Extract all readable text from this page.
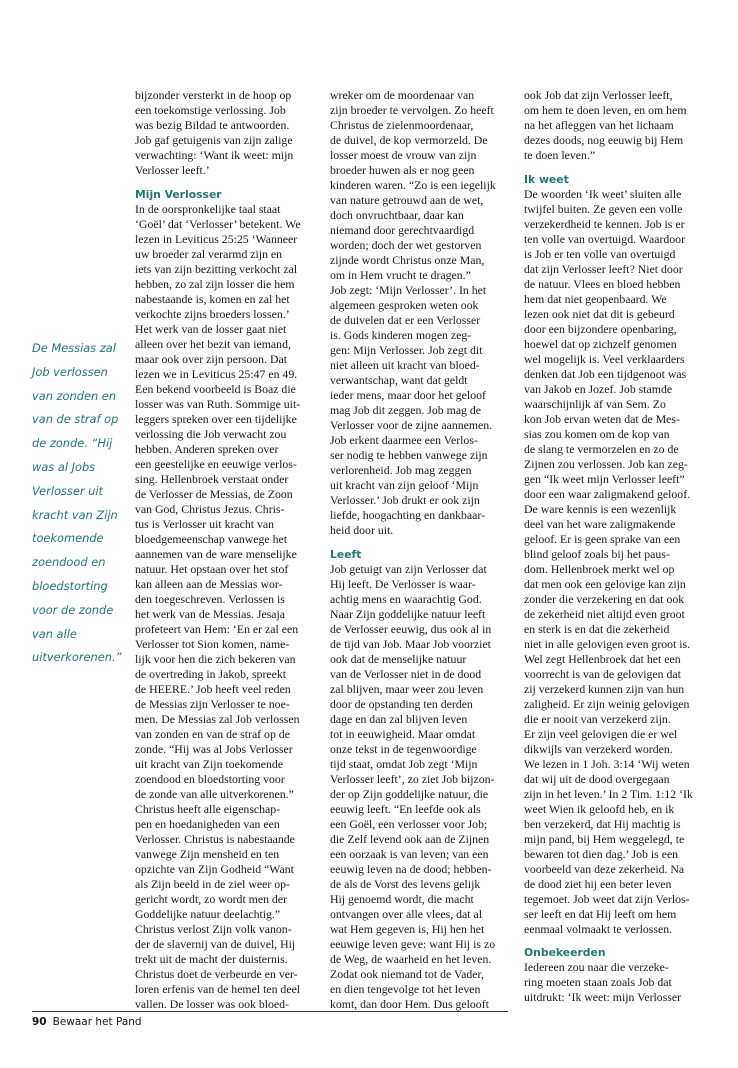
De Messias zal
Job verlossen
van zonden en
van de straf op
de zonde. “Hij
was al Jobs
Verlosser uit
kracht van Zijn
toekomende
zoendood en
bloedstorting
voor de zonde
van alle
uitverkorenen.”

bijzonder versterkt in de hoop op
een toekomstige verlossing. Job
was bezig Bildad te antwoorden.
Job gaf getuigenis van zijn zalige
verwachting: ‘Want ik weet: mijn
Verlosser leeft.’

Mijn Verlosser

In de oorspronkelijke taal staat
‘Goël’ dat ‘Verlosser’ betekent. We
lezen in Leviticus 25:25 ‘Wanneer
uw broeder zal verarmd zijn en
iets van zijn bezitting verkocht zal
hebben, zo zal zijn losser die hem
nabestaande is, komen en zal het
verkochte zijns broeders lossen.’
Het werk van de losser gaat niet
alleen over het bezit van iemand,
maar ook over zijn persoon. Dat
lezen we in Leviticus 25:47 en 49.
Een bekend voorbeeld is Boaz die
losser was van Ruth. Sommige uit-
leggers spreken over een tijdelijke
verlossing die Job verwacht zou
hebben. Anderen spreken over
een geestelijke en eeuwige verlos-
sing. Hellenbroek verstaat onder
de Verlosser de Messias, de Zoon
van God, Christus Jezus. Chris-
tus is Verlosser uit kracht van
bloedgemeenschap vanwege het
aannemen van de ware menselijke
natuur. Het opstaan over het stof
kan alleen aan de Messias wor-
den toegeschreven. Verlossen is
het werk van de Messias. Jesaja
profeteert van Hem: ‘En er zal een
Verlosser tot Sion komen, name-
lijk voor hen die zich bekeren van
de overtreding in Jakob, spreekt
de HEERE.’ Job heeft veel reden
de Messias zijn Verlosser te noe-
men. De Messias zal Job verlossen
van zonden en van de straf op de
zonde. “Hij was al Jobs Verlosser
uit kracht van Zijn toekomende
zoendood en bloedstorting voor
de zonde van alle uitverkorenen.”
Christus heeft alle eigenschap-
pen en hoedanigheden van een
Verlosser. Christus is nabestaande
vanwege Zijn mensheid en ten
opzichte van Zijn Godheid “Want
als Zijn beeld in de ziel weer op-
gericht wordt, zo wordt men der
Goddelijke natuur deelachtig.”
Christus verlost Zijn volk vanon-
der de slavernij van de duivel, Hij
trekt uit de macht der duisternis.
Christus doet de verbeurde en ver-
loren erfenis van de hemel ten deel
vallen. De losser was ook bloed-

wreker om de moordenaar van
zijn broeder te vervolgen. Zo heeft
Christus de zielenmoordenaar,
de duivel, de kop vermorzeld. De
losser moest de vrouw van zijn
broeder huwen als er nog geen
kinderen waren. “Zo is een iegelijk
van nature getrouwd aan de wet,
doch onvruchtbaar, daar kan
niemand door gerechtvaardigd
worden; doch der wet gestorven
zijnde wordt Christus onze Man,
om in Hem vrucht te dragen.”
Job zegt: ‘Mijn Verlosser’. In het
algemeen gesproken weten ook
de duivelen dat er een Verlosser
is. Gods kinderen mogen zeg-
gen: Mijn Verlosser. Job zegt dit
niet alleen uit kracht van bloed-
verwantschap, want dat geldt
ieder mens, maar door het geloof
mag Job dit zeggen. Job mag de
Verlosser voor de zijne aannemen.
Job erkent daarmee een Verlos-
ser nodig te hebben vanwege zijn
verlorenheid. Job mag zeggen
uit kracht van zijn geloof ‘Mijn
Verlosser.’ Job drukt er ook zijn
liefde, hoogachting en dankbaar-
heid door uit.

Leeft

Job getuigt van zijn Verlosser dat
Hij leeft. De Verlosser is waar-
achtig mens en waarachtig God.
Naar Zijn goddelijke natuur leeft
de Verlosser eeuwig, dus ook al in
de tijd van Job. Maar Job voorziet
ook dat de menselijke natuur
van de Verlosser niet in de dood
zal blijven, maar weer zou leven
door de opstanding ten derden
dage en dan zal blijven leven
tot in eeuwigheid. Maar omdat
onze tekst in de tegenwoordige
tijd staat, omdat Job zegt ‘Mijn
Verlosser leeft’, zo ziet Job bijzon-
der op Zijn goddelijke natuur, die
eeuwig leeft. “En leefde ook als
een Goël, een verlosser voor Job;
die Zelf levend ook aan de Zijnen
een oorzaak is van leven; van een
eeuwig leven na de dood; hebben-
de als de Vorst des levens gelijk
Hij genoemd wordt, die macht
ontvangen over alle vlees, dat al
wat Hem gegeven is, Hij hen het
eeuwige leven geve: want Hij is zo
de Weg, de waarheid en het leven.
Zodat ook niemand tot de Vader,
en dien tengevolge tot het leven
komt, dan door Hem. Dus gelooft

ook Job dat zijn Verlosser leeft,
om hem te doen leven, en om hem
na het afleggen van het lichaam
dezes doods, nog eeuwig bij Hem
te doen leven.”

Ik weet

De woorden ‘Ik weet’ sluiten alle
twijfel buiten. Ze geven een volle
verzekerdheid te kennen. Job is er
ten volle van overtuigd. Waardoor
is Job er ten volle van overtuigd
dat zijn Verlosser leeft? Niet door
de natuur. Vlees en bloed hebben
hem dat niet geopenbaard. We
lezen ook niet dat dit is gebeurd
door een bijzondere openbaring,
hoewel dat op zichzelf genomen
wel mogelijk is. Veel verklaarders
denken dat Job een tijdgenoot was
van Jakob en Jozef. Job stamde
waarschijnlijk af van Sem. Zo
kon Job ervan weten dat de Mes-
sias zou komen om de kop van
de slang te vermorzelen en zo de
Zijnen zou verlossen. Job kan zeg-
gen “Ik weet mijn Verlosser leeft”
door een waar zaligmakend geloof.
De ware kennis is een wezenlijk
deel van het ware zaligmakende
geloof. Er is geen sprake van een
blind geloof zoals bij het paus-
dom. Hellenbroek merkt wel op
dat men ook een gelovige kan zijn
zonder die verzekering en dat ook
de zekerheid niet altijd even groot
en sterk is en dat die zekerheid
niet in alle gelovigen even groot is.
Wel zegt Hellenbroek dat het een
voorrecht is van de gelovigen dat
zij verzekerd kunnen zijn van hun
zaligheid. Er zijn weinig gelovigen
die er nooit van verzekerd zijn.
Er zijn veel gelovigen die er wel
dikwijls van verzekerd worden.
We lezen in 1 Joh. 3:14 ‘Wij weten
dat wij uit de dood overgegaan
zijn in het leven.’ In 2 Tim. 1:12 ‘Ik
weet Wien ik geloofd heb, en ik
ben verzekerd, dat Hij machtig is
mijn pand, bij Hem weggelegd, te
bewaren tot dien dag.’ Job is een
voorbeeld van deze zekerheid. Na
de dood ziet hij een beter leven
tegemoet. Job weet dat zijn Verlos-
ser leeft en dat Hij leeft om hem
eenmaal volmaakt te verlossen.

Onbekeerden

Iedereen zou naar die verzeke-
ring moeten staan zoals Job dat
uitdrukt: ‘Ik weet: mijn Verlosser

90 Bewaar het Pand
